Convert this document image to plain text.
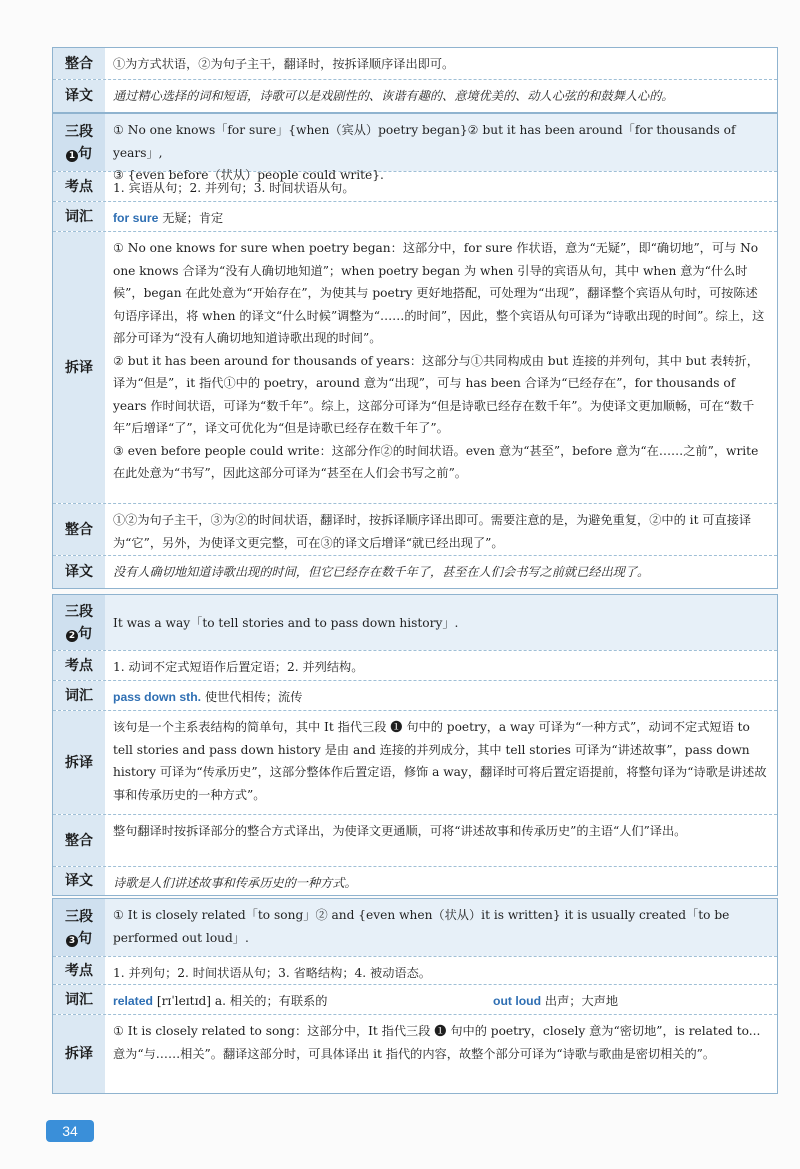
整合	①为方式状语，②为句子主干，翻译时，按拆译顺序译出即可。
译文	通过精心选择的词和短语，诗歌可以是戏剧性的、诙谐有趣的、意境优美的、动人心弦的和鼓舞人心的。
三段
1 句

① No one knows「for sure」{when（宾从）poetry began}② but it has been around「for thousands of years」,

③ {even before（状从）people could write}.

考点	1. 宾语从句；2. 并列句；3. 时间状语从句。
词汇	for sure 无疑；肯定
拆译

① No one knows for sure when poetry began：这部分中，for sure 作状语，意为“无疑”，即“确切地”，可与 No one knows 合译为“没有人确切地知道”；when poetry began 为 when 引导的宾语从句，其中 when 意为“什么时候”，began 在此处意为“开始存在”，为使其与 poetry 更好地搭配，可处理为“出现”，翻译整个宾语从句时，可按陈述句语序译出，将 when 的译文“什么时候”调整为“……的时间”，因此，整个宾语从句可译为“诗歌出现的时间”。综上，这部分可译为“没有人确切地知道诗歌出现的时间”。

② but it has been around for thousands of years：这部分与①共同构成由 but 连接的并列句，其中 but 表转折，译为“但是”，it 指代①中的 poetry，around 意为“出现”，可与 has been 合译为“已经存在”，for thousands of years 作时间状语，可译为“数千年”。综上，这部分可译为“但是诗歌已经存在数千年”。为使译文更加顺畅，可在“数千年”后增译“了”，译文可优化为“但是诗歌已经存在数千年了”。

③ even before people could write：这部分作②的时间状语。even 意为“甚至”，before 意为“在……之前”，write 在此处意为“书写”，因此这部分可译为“甚至在人们会书写之前”。

整合
①②为句子主干，③为②的时间状语，翻译时，按拆译顺序译出即可。需要注意的是，为避免重复，②中的 it 可直接译为“它”，另外，为使译文更完整，可在③的译文后增译“就已经出现了”。
译文	没有人确切地知道诗歌出现的时间，但它已经存在数千年了，甚至在人们会书写之前就已经出现了。
三段
2 句
It was a way「to tell stories and to pass down history」.
考点	1. 动词不定式短语作后置定语；2. 并列结构。
词汇	pass down sth. 使世代相传；流传
拆译
该句是一个主系表结构的简单句，其中 It 指代三段 ❶ 句中的 poetry，a way 可译为“一种方式”，动词不定式短语 to tell stories and pass down history 是由 and 连接的并列成分，其中 tell stories 可译为“讲述故事”，pass down history 可译为“传承历史”，这部分整体作后置定语，修饰 a way，翻译时可将后置定语提前，将整句译为“诗歌是讲述故事和传承历史的一种方式”。
整合
整句翻译时按拆译部分的整合方式译出，为使译文更通顺，可将“讲述故事和传承历史”的主语“人们”译出。
译文	诗歌是人们讲述故事和传承历史的一种方式。
三段
3 句
① It is closely related「to song」② and {even when（状从）it is written} it is usually created「to be performed out loud」.
考点	1. 并列句；2. 时间状语从句；3. 省略结构；4. 被动语态。
词汇	related [rɪˈleɪtɪd] a. 相关的；有联系的	out loud 出声；大声地
拆译
① It is closely related to song：这部分中，It 指代三段 ❶ 句中的 poetry，closely 意为“密切地”，is related to... 意为“与……相关”。翻译这部分时，可具体译出 it 指代的内容，故整个部分可译为“诗歌与歌曲是密切相关的”。
34
